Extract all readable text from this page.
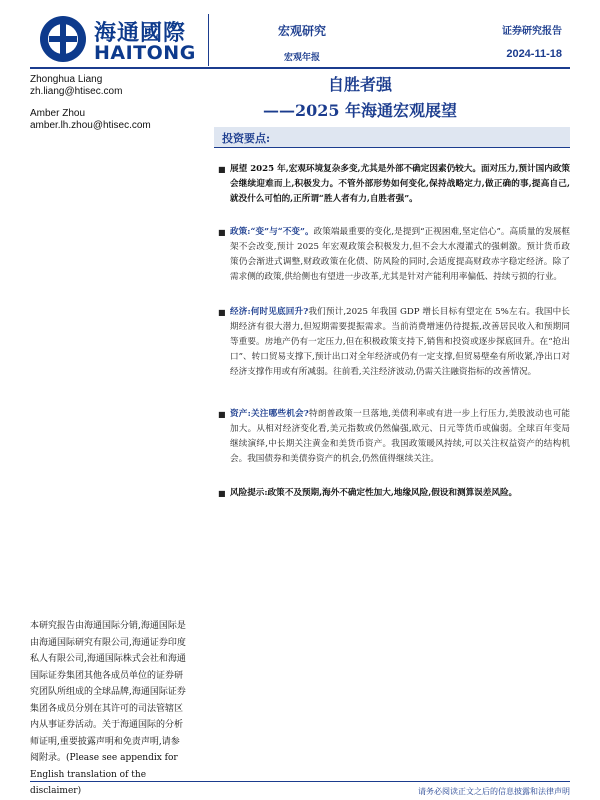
海通國際
HAITONG
宏观研究
宏观年报
证券研究报告
2024-11-18
Zhonghua Liang
zh.liang@htisec.com
Amber Zhou
amber.lh.zhou@htisec.com
自胜者强
——2025 年海通宏观展望
投资要点:
■ 展望 2025 年,宏观环境复杂多变,尤其是外部不确定因素仍较大。面对压力,预计国内政策会继续迎难而上,积极发力。不管外部形势如何变化,保持战略定力,做正确的事,提高自己,就没什么可怕的,正所谓“胜人者有力,自胜者强”。
■ 政策:“变”与“不变”。政策端最重要的变化,是提到“正视困难,坚定信心”。高质量的发展框架不会改变,预计 2025 年宏观政策会积极发力,但不会大水漫灌式的强刺激。预计货币政策仍会渐进式调整,财政政策在化债、防风险的同时,会适度提高财政赤字稳定经济。除了需求侧的政策,供给侧也有望进一步改革,尤其是针对产能利用率偏低、持续亏损的行业。
■ 经济:何时见底回升?我们预计,2025 年我国 GDP 增长目标有望定在 5%左右。我国中长期经济有很大潜力,但短期需要提振需求。当前消费增速仍待提振,改善居民收入和预期同等重要。房地产仍有一定压力,但在积极政策支持下,销售和投资或逐步探底回升。在“抢出口”、转口贸易支撑下,预计出口对全年经济或仍有一定支撑,但贸易壁垒有所收紧,净出口对经济支撑作用或有所减弱。往前看,关注经济波动,仍需关注融资指标的改善情况。
■ 资产:关注哪些机会?特朗普政策一旦落地,美债利率或有进一步上行压力,美股波动也可能加大。从相对经济变化看,美元指数或仍然偏强,欧元、日元等货币或偏弱。全球百年变局继续演绎,中长期关注黄金和美货币资产。我国政策暖风持续,可以关注权益资产的结构机会。我国债券和美债券资产的机会,仍然值得继续关注。
■ 风险提示:政策不及预期,海外不确定性加大,地缘风险,假设和测算误差风险。
本研究报告由海通国际分销,海通国际是由海通国际研究有限公司,海通证券印度私人有限公司,海通国际株式会社和海通国际证券集团其他各成员单位的证券研究团队所组成的全球品牌,海通国际证券集团各成员分别在其许可的司法管辖区内从事证券活动。关于海通国际的分析师证明,重要披露声明和免责声明,请参阅附录。(Please see appendix for English translation of the disclaimer)	请务必阅读正文之后的信息披露和法律声明
